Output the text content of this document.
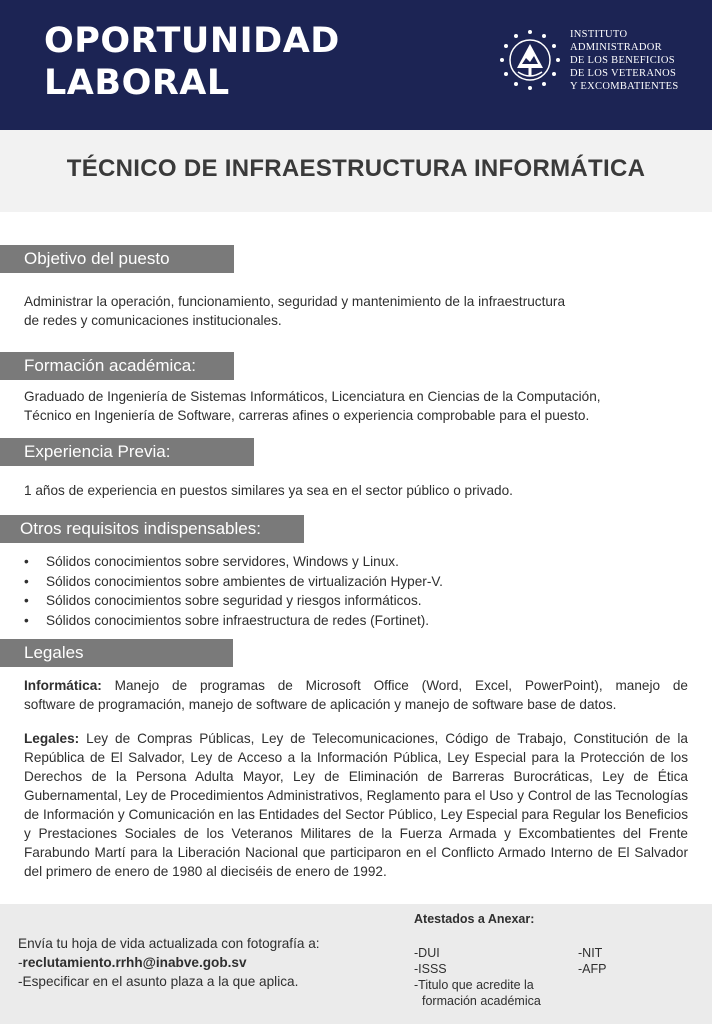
OPORTUNIDAD
LABORAL
INSTITUTO
ADMINISTRADOR
DE LOS BENEFICIOS
DE LOS VETERANOS
Y EXCOMBATIENTES
TÉCNICO DE INFRAESTRUCTURA INFORMÁTICA
Objetivo del puesto

Administrar la operación, funcionamiento, seguridad y mantenimiento de la infraestructura

de redes y comunicaciones institucionales.

Formación académica:

Graduado de Ingeniería de Sistemas Informáticos, Licenciatura en Ciencias de la Computación,

Técnico en Ingeniería de Software, carreras afines o experiencia comprobable para el puesto.

Experiencia Previa:
1 años de experiencia en puestos similares ya sea en el sector público o privado.
Otros requisitos indispensables:
• Sólidos conocimientos sobre servidores, Windows y Linux.
• Sólidos conocimientos sobre ambientes de virtualización Hyper-V.
• Sólidos conocimientos sobre seguridad y riesgos informáticos.
• Sólidos conocimientos sobre infraestructura de redes (Fortinet).
Legales

Informática: Manejo de programas de Microsoft Office (Word, Excel, PowerPoint), manejo de

software de programación, manejo de software de aplicación y manejo de software base de datos.

Legales: Ley de Compras Públicas, Ley de Telecomunicaciones, Código de Trabajo, Constitución de la República de El Salvador, Ley de Acceso a la Información Pública, Ley Especial para la Protección de los Derechos de la Persona Adulta Mayor, Ley de Eliminación de Barreras Burocráticas, Ley de Ética Gubernamental, Ley de Procedimientos Administrativos, Reglamento para el Uso y Control de las Tecnologías de Información y Comunicación en las Entidades del Sector Público, Ley Especial para Regular los Beneficios y Prestaciones Sociales de los Veteranos Militares de la Fuerza Armada y Excombatientes del Frente Farabundo Martí para la Liberación Nacional que participaron en el Conflicto Armado Interno de El Salvador del primero de enero de 1980 al dieciséis de enero de 1992.

Envía tu hoja de vida actualizada con fotografía a:
-reclutamiento.rrhh@inabve.gob.sv
-Especificar en el asunto plaza a la que aplica.
Atestados a Anexar:
-DUI	-NIT
-ISSS	-AFP
-Titulo que acredite la
formación académica
